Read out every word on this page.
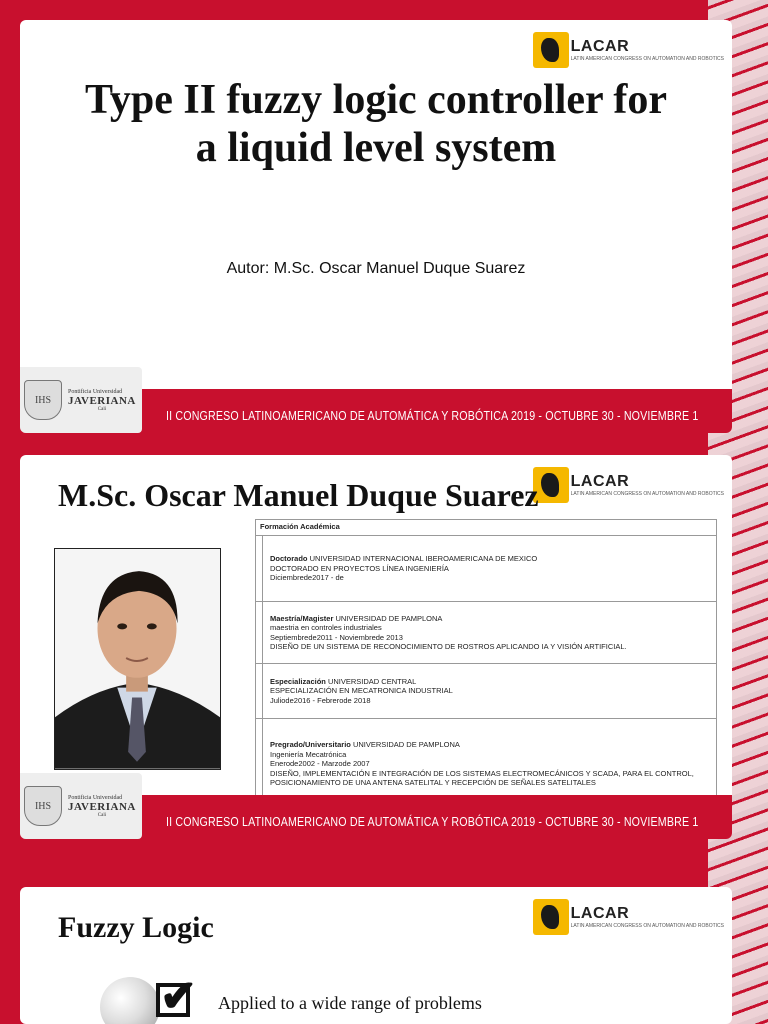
LACAR
LATIN AMERICAN CONGRESS ON AUTOMATION AND ROBOTICS
Type II fuzzy logic controller for a liquid level system
Autor: M.Sc. Oscar Manuel Duque Suarez
IHS
Pontificia Universidad
JAVERIANA
Cali	II CONGRESO LATINOAMERICANO DE AUTOMÁTICA Y ROBÓTICA 2019 - OCTUBRE 30 - NOVIEMBRE 1
LACAR
LATIN AMERICAN CONGRESS ON AUTOMATION AND ROBOTICS
M.Sc. Oscar Manuel Duque Suarez
Formación Académica
Doctorado UNIVERSIDAD INTERNACIONAL IBEROAMERICANA DE MEXICO
DOCTORADO EN PROYECTOS LÍNEA INGENIERÍA
Diciembrede2017 - de
Maestría/Magister UNIVERSIDAD DE PAMPLONA
maestria en controles industriales
Septiembrede2011 - Noviembrede 2013
DISEÑO DE UN SISTEMA DE RECONOCIMIENTO DE ROSTROS APLICANDO IA Y VISIÓN ARTIFICIAL.
Especialización UNIVERSIDAD CENTRAL
ESPECIALIZACIÓN EN MECATRONICA INDUSTRIAL
Juliode2016 - Febrerode 2018
Pregrado/Universitario UNIVERSIDAD DE PAMPLONA
Ingeniería Mecatrónica
Enerode2002 - Marzode 2007
DISEÑO, IMPLEMENTACIÓN E INTEGRACIÓN DE LOS SISTEMAS ELECTROMECÁNICOS Y SCADA, PARA EL CONTROL,
POSICIONAMIENTO DE UNA ANTENA SATELITAL Y RECEPCIÓN DE SEÑALES SATELITALES
IHS
Pontificia Universidad
JAVERIANA
Cali	II CONGRESO LATINOAMERICANO DE AUTOMÁTICA Y ROBÓTICA 2019 - OCTUBRE 30 - NOVIEMBRE 1
LACAR
LATIN AMERICAN CONGRESS ON AUTOMATION AND ROBOTICS
Fuzzy Logic
✔ Applied to a wide range of problems
